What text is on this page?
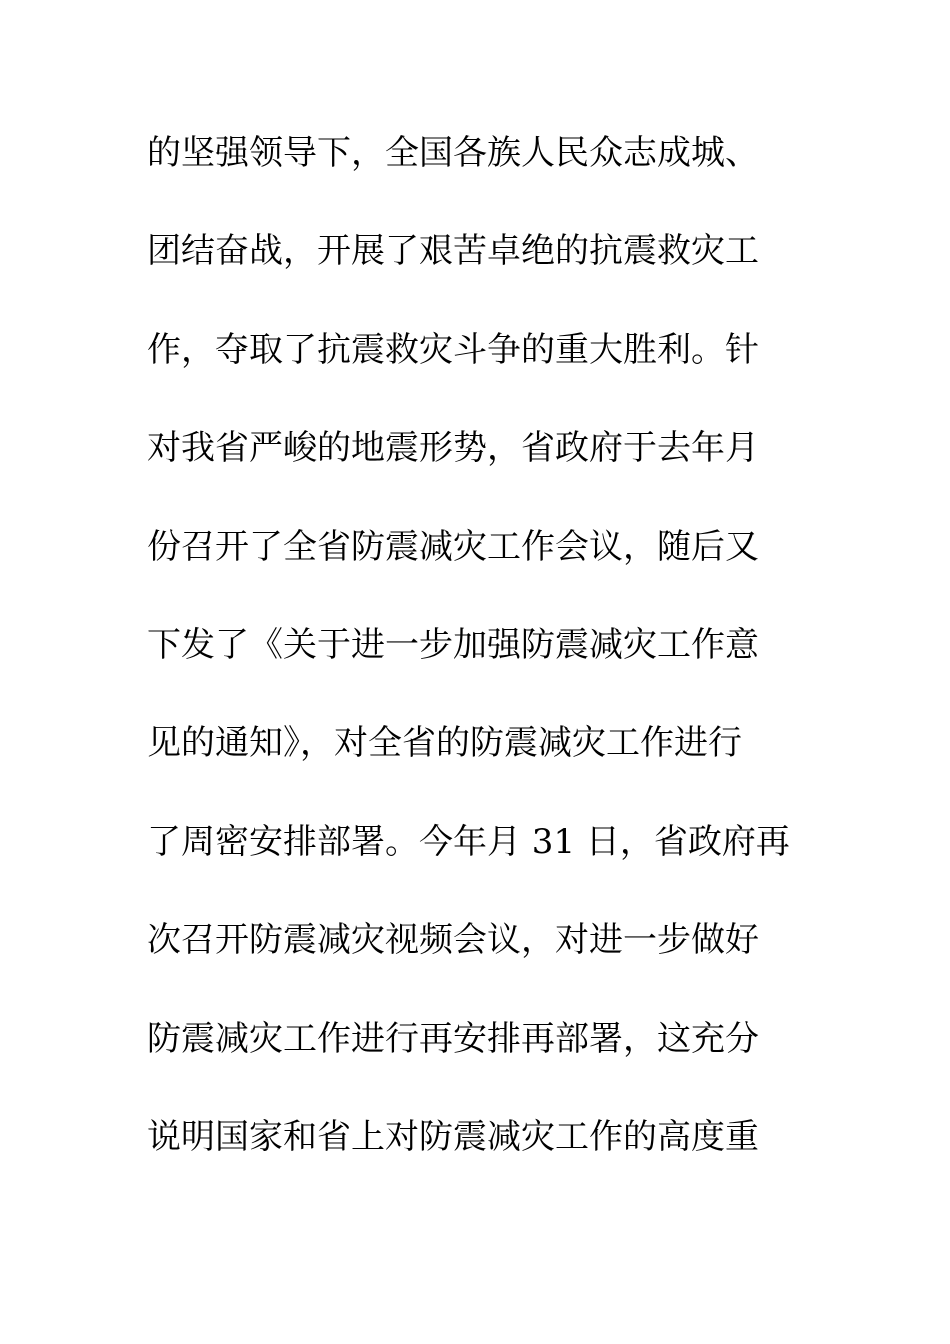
的坚强领导下，全国各族人民众志成城、
团结奋战，开展了艰苦卓绝的抗震救灾工
作，夺取了抗震救灾斗争的重大胜利。针
对我省严峻的地震形势，省政府于去年月
份召开了全省防震减灾工作会议，随后又
下发了《关于进一步加强防震减灾工作意
见的通知》，对全省的防震减灾工作进行
了周密安排部署。今年月 31 日，省政府再
次召开防震减灾视频会议，对进一步做好
防震减灾工作进行再安排再部署，这充分
说明国家和省上对防震减灾工作的高度重
